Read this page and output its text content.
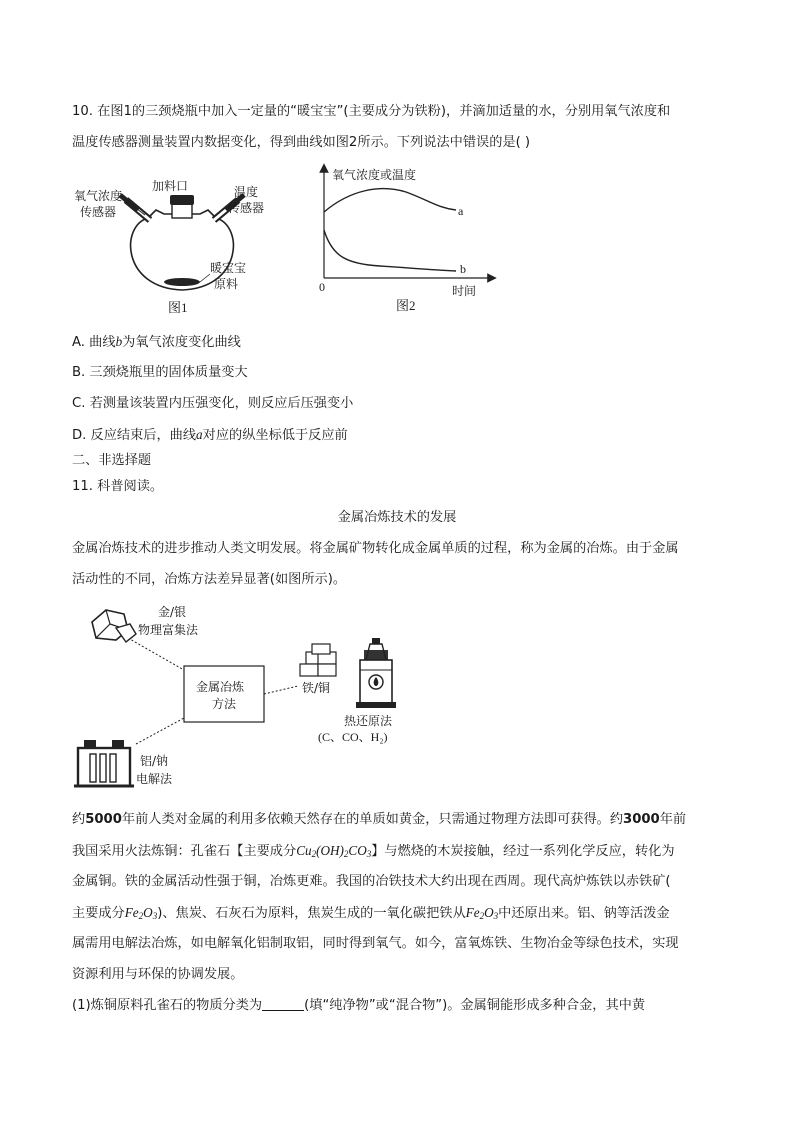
10. 在图1的三颈烧瓶中加入一定量的“暖宝宝”(主要成分为铁粉)，并滴加适量的水，分别用氧气浓度和
温度传感器测量装置内数据变化，得到曲线如图2所示。下列说法中错误的是( )
氧气浓度
传感器
加料口	温度
传感器
暖宝宝
原料
图1
氧气浓度或温度
a
b
0	时间
图2
A. 曲线b为氧气浓度变化曲线
B. 三颈烧瓶里的固体质量变大
C. 若测量该装置内压强变化，则反应后压强变小
D. 反应结束后，曲线a对应的纵坐标低于反应前
二、非选择题
11. 科普阅读。
金属冶炼技术的发展
金属冶炼技术的进步推动人类文明发展。将金属矿物转化成金属单质的过程，称为金属的冶炼。由于金属
活动性的不同，冶炼方法差异显著(如图所示)。
金属冶炼
方法
金/银
物理富集法
铁/铜
热还原法
(C、CO、H₂)
铝/钠
电解法
约5000年前人类对金属的利用多依赖天然存在的单质如黄金，只需通过物理方法即可获得。约3000年前
我国采用火法炼铜：孔雀石【主要成分$Cu_2(OH)_2CO_3$】与燃烧的木炭接触，经过一系列化学反应，转化为
金属铜。铁的金属活动性强于铜，冶炼更难。我国的冶铁技术大约出现在西周。现代高炉炼铁以赤铁矿(
主要成分$Fe_2O_3$)、焦炭、石灰石为原料，焦炭生成的一氧化碳把铁从$Fe_2O_3$中还原出来。铝、钠等活泼金
属需用电解法冶炼，如电解氧化铝制取铝，同时得到氧气。如今，富氧炼铁、生物冶金等绿色技术，实现
资源利用与环保的协调发展。
(1)炼铜原料孔雀石的物质分类为	(填“纯净物”或“混合物”)。金属铜能形成多种合金，其中黄
